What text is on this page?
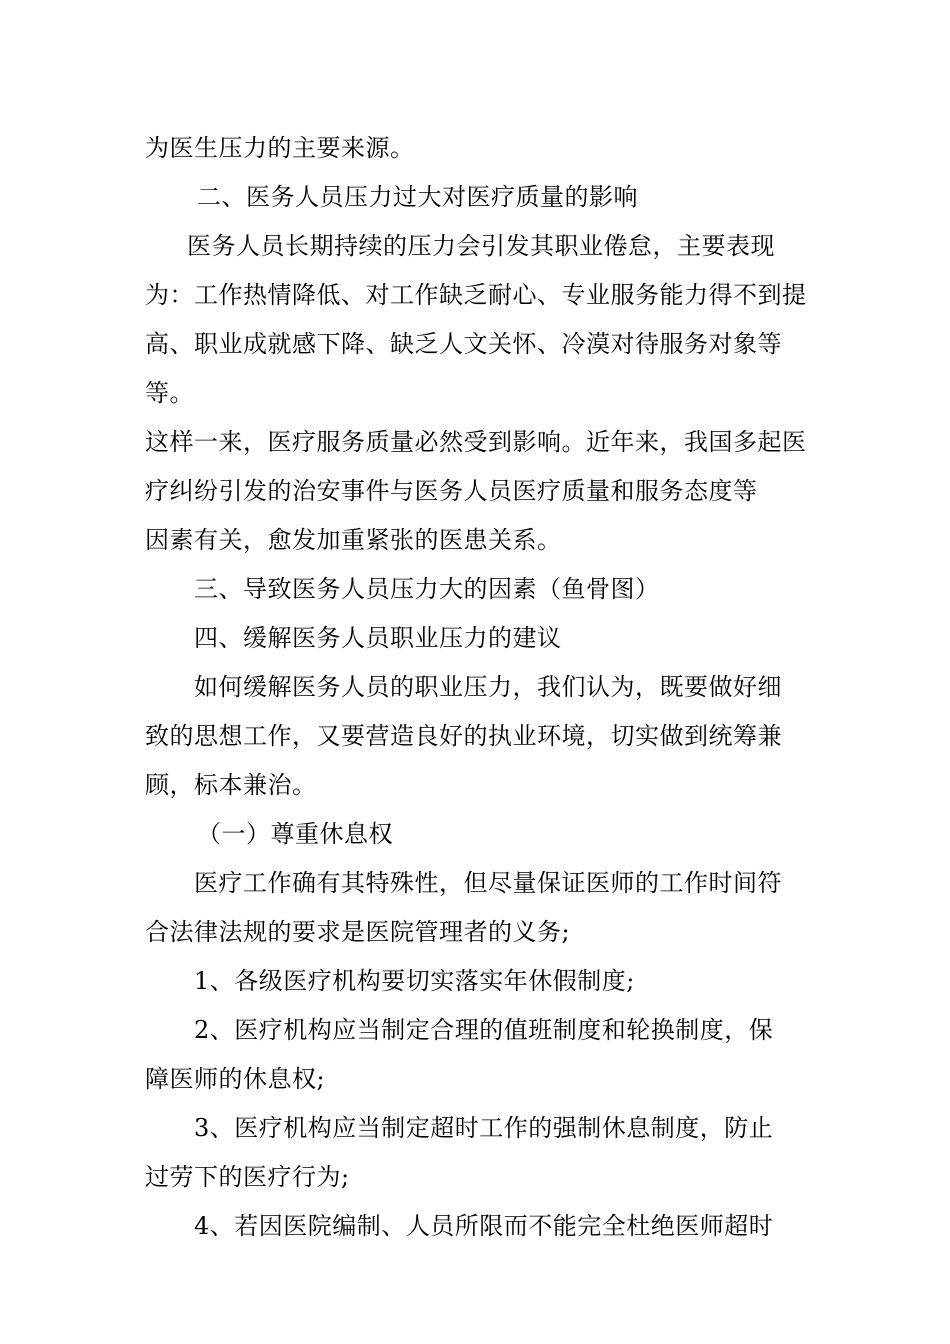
为医生压力的主要来源。

二、医务人员压力过大对医疗质量的影响

医务人员长期持续的压力会引发其职业倦怠，主要表现

为：工作热情降低、对工作缺乏耐心、专业服务能力得不到提
高、职业成就感下降、缺乏人文关怀、冷漠对待服务对象等等。
这样一来，医疗服务质量必然受到影响。近年来，我国多起医
疗纠纷引发的治安事件与医务人员医疗质量和服务态度等
因素有关，愈发加重紧张的医患关系。

三、导致医务人员压力大的因素（鱼骨图）

四、缓解医务人员职业压力的建议

如何缓解医务人员的职业压力，我们认为，既要做好细

致的思想工作，又要营造良好的执业环境，切实做到统筹兼
顾，标本兼治。

（一）尊重休息权

医疗工作确有其特殊性，但尽量保证医师的工作时间符

合法律法规的要求是医院管理者的义务;

1、各级医疗机构要切实落实年休假制度;

2、医疗机构应当制定合理的值班制度和轮换制度，保

障医师的休息权;

3、医疗机构应当制定超时工作的强制休息制度，防止

过劳下的医疗行为;

4、若因医院编制、人员所限而不能完全杜绝医师超时
